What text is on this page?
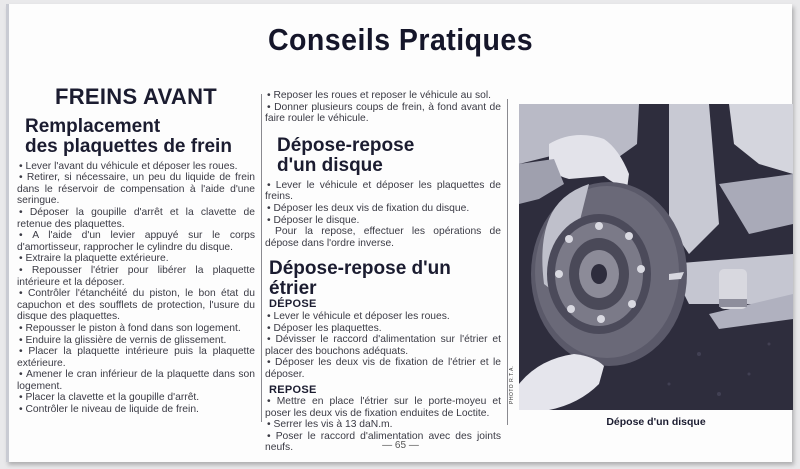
Conseils Pratiques
FREINS AVANT
Remplacement
des plaquettes de frein

• Lever l'avant du véhicule et déposer les roues.

• Retirer, si nécessaire, un peu du liquide de frein dans le réservoir de compensation à l'aide d'une seringue.

• Déposer la goupille d'arrêt et la clavette de retenue des plaquettes.

• A l'aide d'un levier appuyé sur le corps d'amortisseur, rapprocher le cylindre du disque.

• Extraire la plaquette extérieure.

• Repousser l'étrier pour libérer la plaquette intérieure et la déposer.

• Contrôler l'étanchéité du piston, le bon état du capuchon et des soufflets de protection, l'usure du disque des plaquettes.

• Repousser le piston à fond dans son logement.

• Enduire la glissière de vernis de glissement.

• Placer la plaquette intérieure puis la plaquette extérieure.

• Amener le cran inférieur de la plaquette dans son logement.

• Placer la clavette et la goupille d'arrêt.

• Contrôler le niveau de liquide de frein.

• Reposer les roues et reposer le véhicule au sol.

• Donner plusieurs coups de frein, à fond avant de faire rouler le véhicule.

Dépose-repose
d'un disque

• Lever le véhicule et déposer les plaquettes de freins.

• Déposer les deux vis de fixation du disque.

• Déposer le disque.

Pour la repose, effectuer les opérations de dépose dans l'ordre inverse.

Dépose-repose d'un étrier
DÉPOSE

• Lever le véhicule et déposer les roues.

• Déposer les plaquettes.

• Dévisser le raccord d'alimentation sur l'étrier et placer des bouchons adéquats.

• Déposer les deux vis de fixation de l'étrier et le déposer.

REPOSE

• Mettre en place l'étrier sur le porte-moyeu et poser les deux vis de fixation enduites de Loctite.

• Serrer les vis à 13 daN.m.

• Poser le raccord d'alimentation avec des joints neufs.

PHOTO R.T.A.
Dépose d'un disque
— 65 —
